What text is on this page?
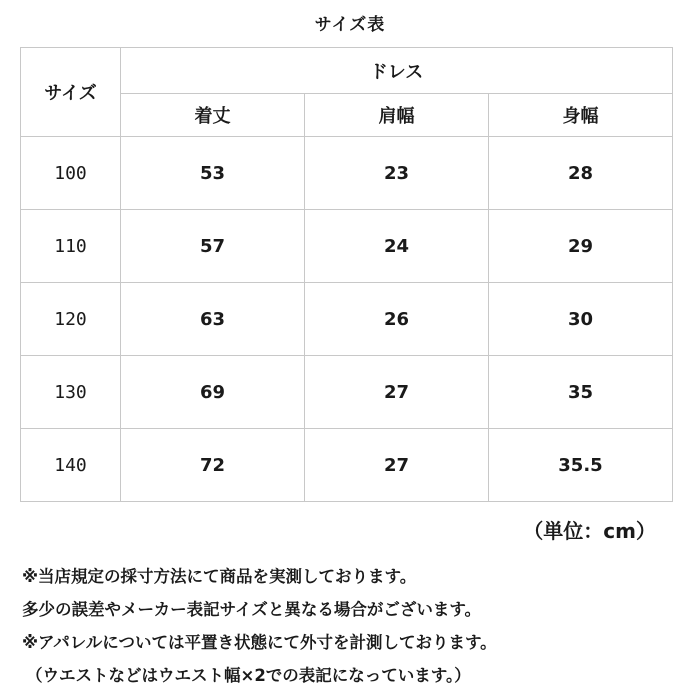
サイズ表
サイズ	ドレス		
	着丈	肩幅	身幅
100	53	23	28
110	57	24	29
120	63	26	30
130	69	27	35
140	72	27	35.5
（単位：cm）
※当店規定の採寸方法にて商品を実測しております。
多少の誤差やメーカー表記サイズと異なる場合がございます。
※アパレルについては平置き状態にて外寸を計測しております。
（ウエストなどはウエスト幅×2での表記になっています。）
